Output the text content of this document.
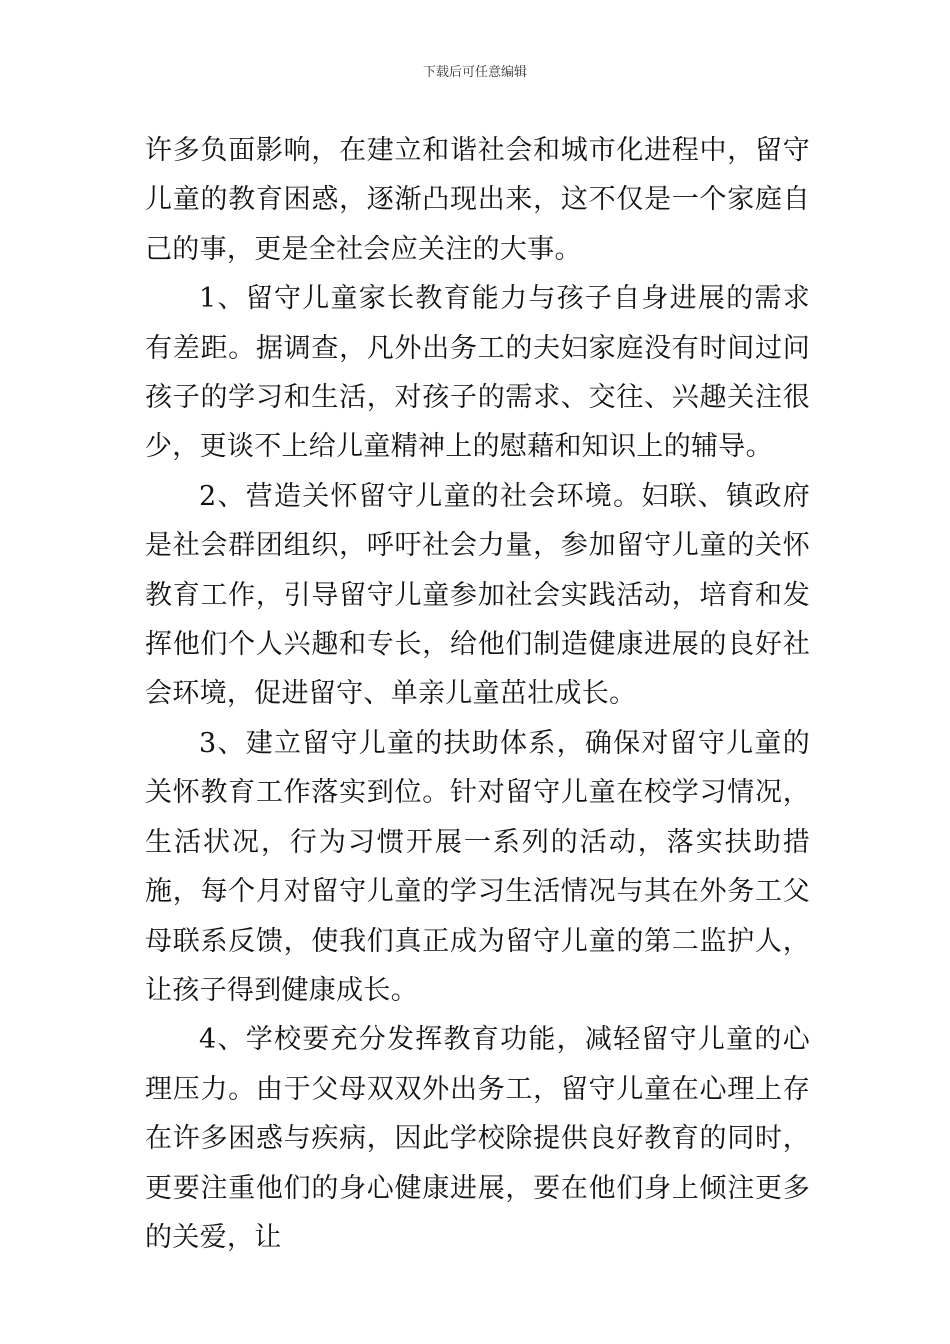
下载后可任意编辑

许多负面影响，在建立和谐社会和城市化进程中，留守儿童的教育困惑，逐渐凸现出来，这不仅是一个家庭自己的事，更是全社会应关注的大事。

1、留守儿童家长教育能力与孩子自身进展的需求有差距。据调查，凡外出务工的夫妇家庭没有时间过问孩子的学习和生活，对孩子的需求、交往、兴趣关注很少，更谈不上给儿童精神上的慰藉和知识上的辅导。

2、营造关怀留守儿童的社会环境。妇联、镇政府是社会群团组织，呼吁社会力量，参加留守儿童的关怀教育工作，引导留守儿童参加社会实践活动，培育和发挥他们个人兴趣和专长，给他们制造健康进展的良好社会环境，促进留守、单亲儿童茁壮成长。

3、建立留守儿童的扶助体系，确保对留守儿童的关怀教育工作落实到位。针对留守儿童在校学习情况，生活状况，行为习惯开展一系列的活动，落实扶助措施，每个月对留守儿童的学习生活情况与其在外务工父母联系反馈，使我们真正成为留守儿童的第二监护人，让孩子得到健康成长。

4、学校要充分发挥教育功能，减轻留守儿童的心理压力。由于父母双双外出务工，留守儿童在心理上存在许多困惑与疾病，因此学校除提供良好教育的同时，更要注重他们的身心健康进展，要在他们身上倾注更多的关爱，让
